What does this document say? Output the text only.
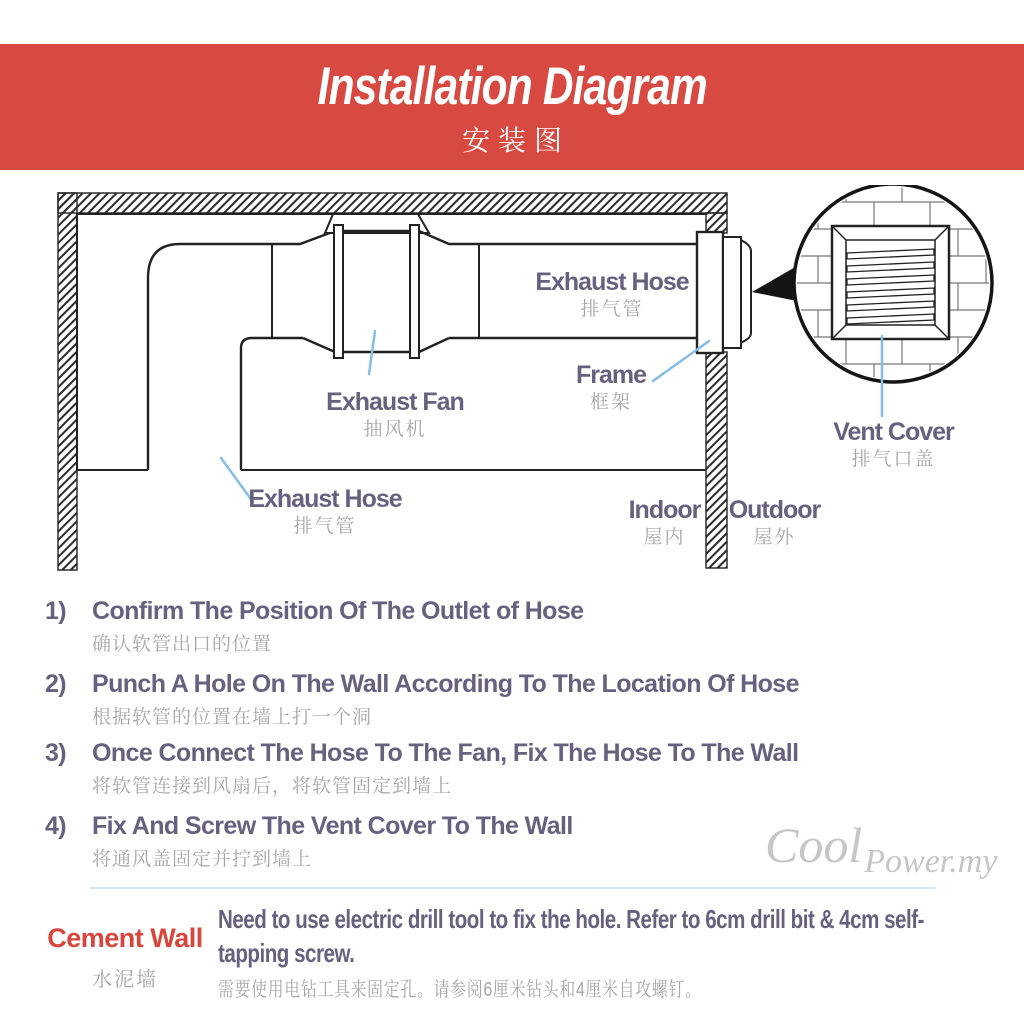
Installation Diagram
安装图
Exhaust Hose
排气管
Exhaust Fan
抽风机
Exhaust Hose
排气管
Frame
框架
Indoor
屋内
Outdoor
屋外
Vent Cover
排气口盖
1)	Confirm The Position Of The Outlet of Hose
确认软管出口的位置
2)	Punch A Hole On The Wall According To The Location Of Hose
根据软管的位置在墙上打一个洞
3)	Once Connect The Hose To The Fan, Fix The Hose To The Wall
将软管连接到风扇后，将软管固定到墙上
4)	Fix And Screw The Vent Cover To The Wall
将通风盖固定并拧到墙上	CoolPower.my
Cement Wall
水泥墙
Need to use electric drill tool to fix the hole. Refer to 6cm drill bit & 4cm self-tapping screw.
需要使用电钻工具来固定孔。请参阅6厘米钻头和4厘米自攻螺钉。
